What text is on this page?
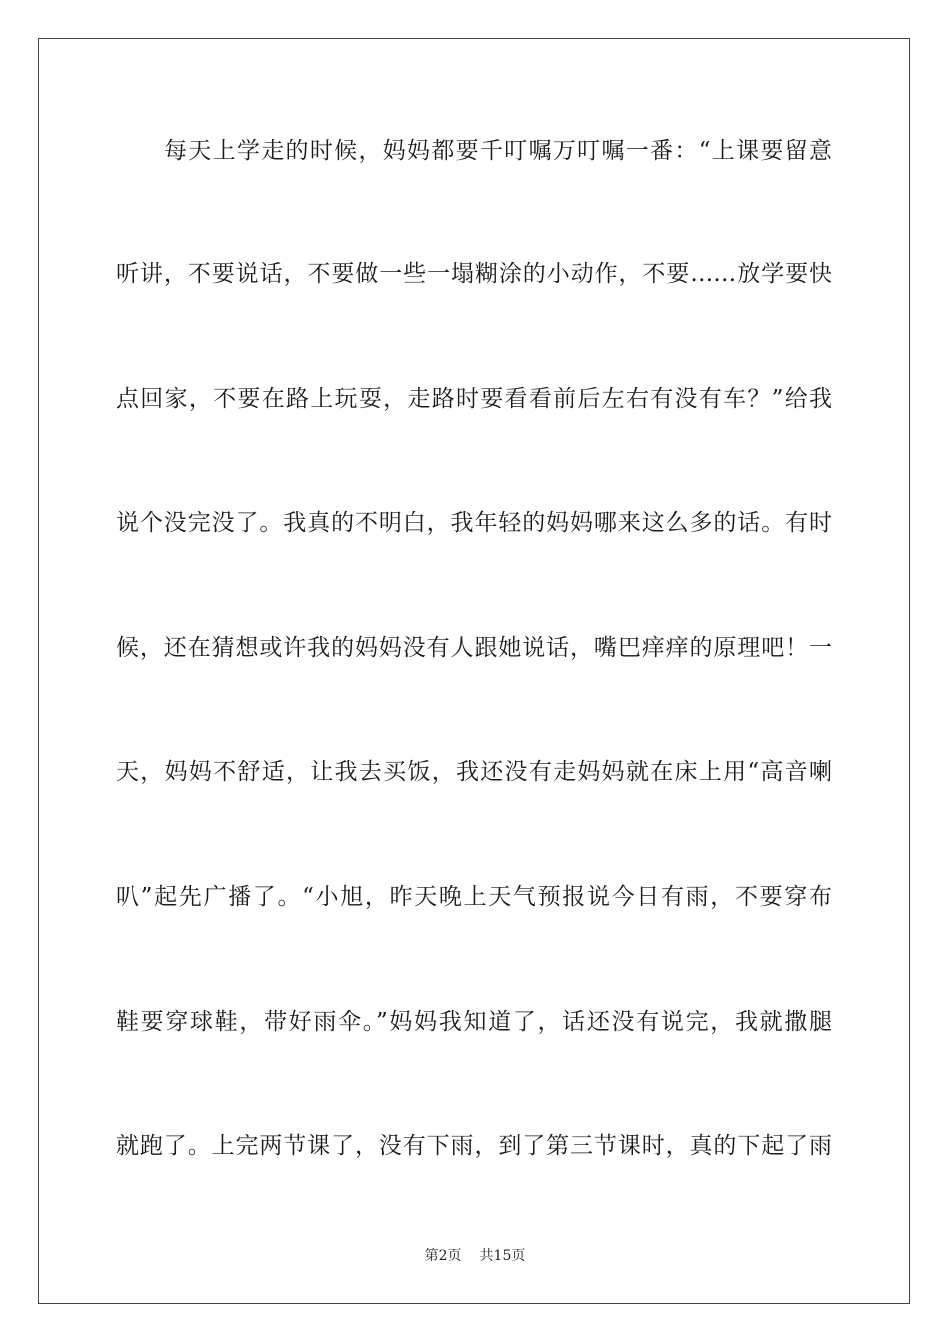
每天上学走的时候，妈妈都要千叮嘱万叮嘱一番：“上课要留意
听讲，不要说话，不要做一些一塌糊涂的小动作，不要……放学要快
点回家，不要在路上玩耍，走路时要看看前后左右有没有车？”给我
说个没完没了。我真的不明白，我年轻的妈妈哪来这么多的话。有时
候，还在猜想或许我的妈妈没有人跟她说话，嘴巴痒痒的原理吧！一
天，妈妈不舒适，让我去买饭，我还没有走妈妈就在床上用“高音喇
叭”起先广播了。“小旭，昨天晚上天气预报说今日有雨，不要穿布
鞋要穿球鞋，带好雨伞。”妈妈我知道了，话还没有说完，我就撒腿
就跑了。上完两节课了，没有下雨，到了第三节课时，真的下起了雨
第2页 共15页
